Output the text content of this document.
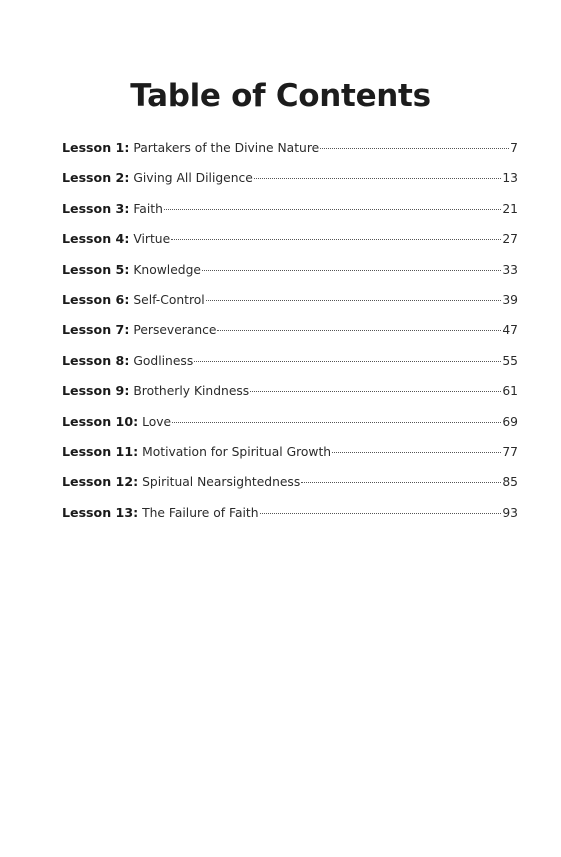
Table of Contents
Lesson 1: Partakers of the Divine Nature	7
Lesson 2: Giving All Diligence	13
Lesson 3: Faith	21
Lesson 4: Virtue	27
Lesson 5: Knowledge	33
Lesson 6: Self-Control	39
Lesson 7: Perseverance	47
Lesson 8: Godliness	55
Lesson 9: Brotherly Kindness	61
Lesson 10: Love	69
Lesson 11: Motivation for Spiritual Growth	77
Lesson 12: Spiritual Nearsightedness	85
Lesson 13: The Failure of Faith	93
